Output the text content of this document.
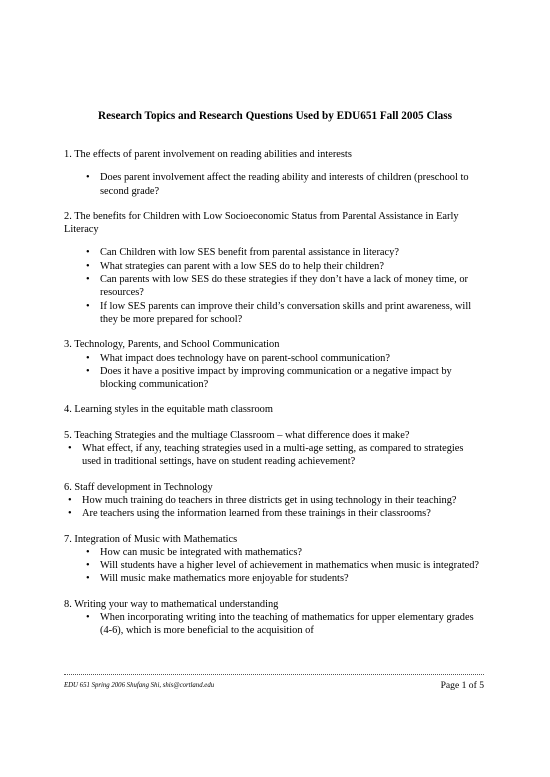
Research Topics and Research Questions Used by EDU651 Fall 2005 Class

1. The effects of parent involvement on reading abilities and interests

• Does parent involvement affect the reading ability and interests of children (preschool to second grade?

2. The benefits for Children with Low Socioeconomic Status from Parental Assistance in Early Literacy

• Can Children with low SES benefit from parental assistance in literacy?
• What strategies can parent with a low SES do to help their children?
• Can parents with low SES do these strategies if they don’t have a lack of money time, or resources?
• If low SES parents can improve their child’s conversation skills and print awareness, will they be more prepared for school?

3. Technology, Parents, and School Communication

• What impact does technology have on parent-school communication?
• Does it have a positive impact by improving communication or a negative impact by blocking communication?

4. Learning styles in the equitable math classroom

5. Teaching Strategies and the multiage Classroom – what difference does it make?

• What effect, if any, teaching strategies used in a multi-age setting, as compared to strategies used in traditional settings, have on student reading achievement?

6. Staff development in Technology

• How much training do teachers in three districts get in using technology in their teaching?
• Are teachers using the information learned from these trainings in their classrooms?

7. Integration of Music with Mathematics

• How can music be integrated with mathematics?
• Will students have a higher level of achievement in mathematics when music is integrated?
• Will music make mathematics more enjoyable for students?

8. Writing your way to mathematical understanding

• When incorporating writing into the teaching of mathematics for upper elementary grades (4-6), which is more beneficial to the acquisition of
EDU 651 Spring 2006 Shufang Shi, shis@cortland.edu	Page 1 of 5
